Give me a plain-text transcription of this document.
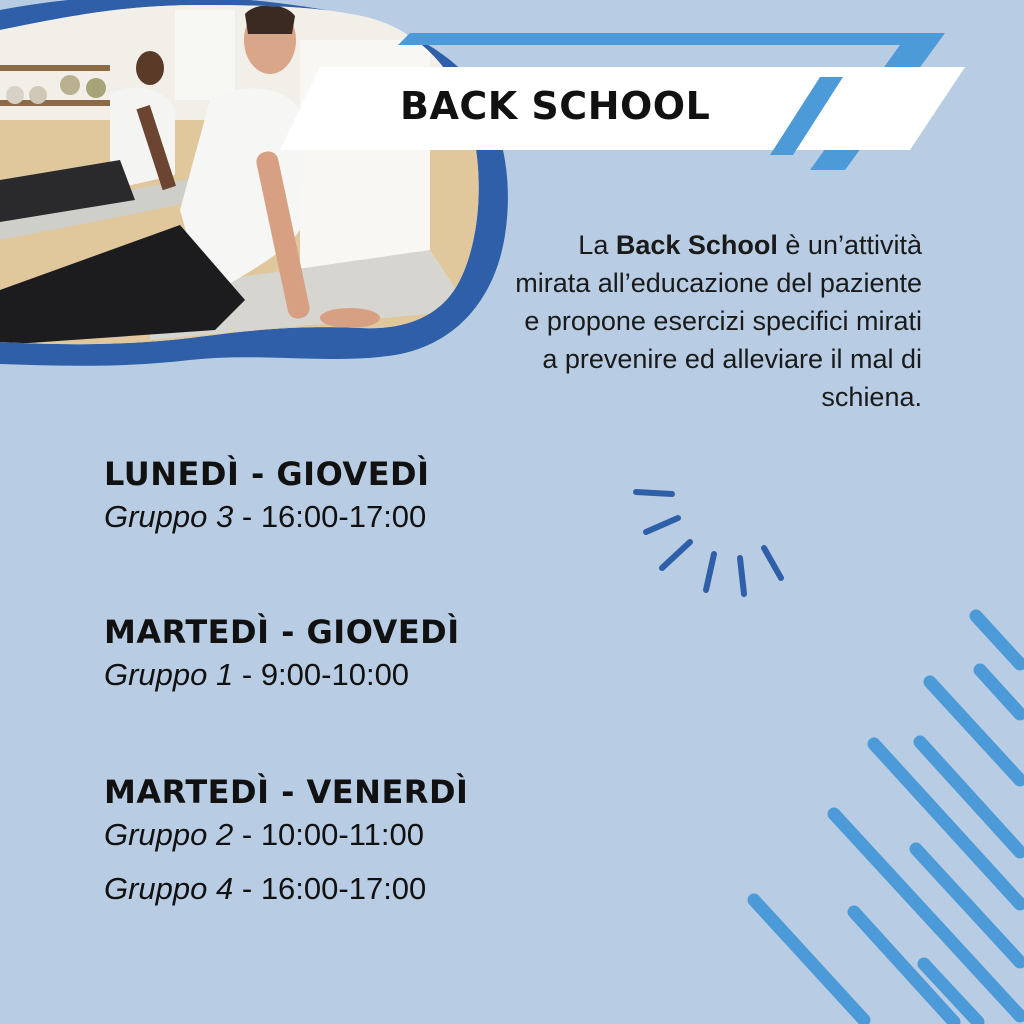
BACK SCHOOL
La Back School è un’attività mirata all’educazione del paziente e propone esercizi specifici mirati a prevenire ed alleviare il mal di schiena.
LUNEDÌ - GIOVEDÌ
Gruppo 3 - 16:00-17:00
MARTEDÌ - GIOVEDÌ
Gruppo 1 - 9:00-10:00
MARTEDÌ - VENERDÌ
Gruppo 2 - 10:00-11:00
Gruppo 4 - 16:00-17:00
